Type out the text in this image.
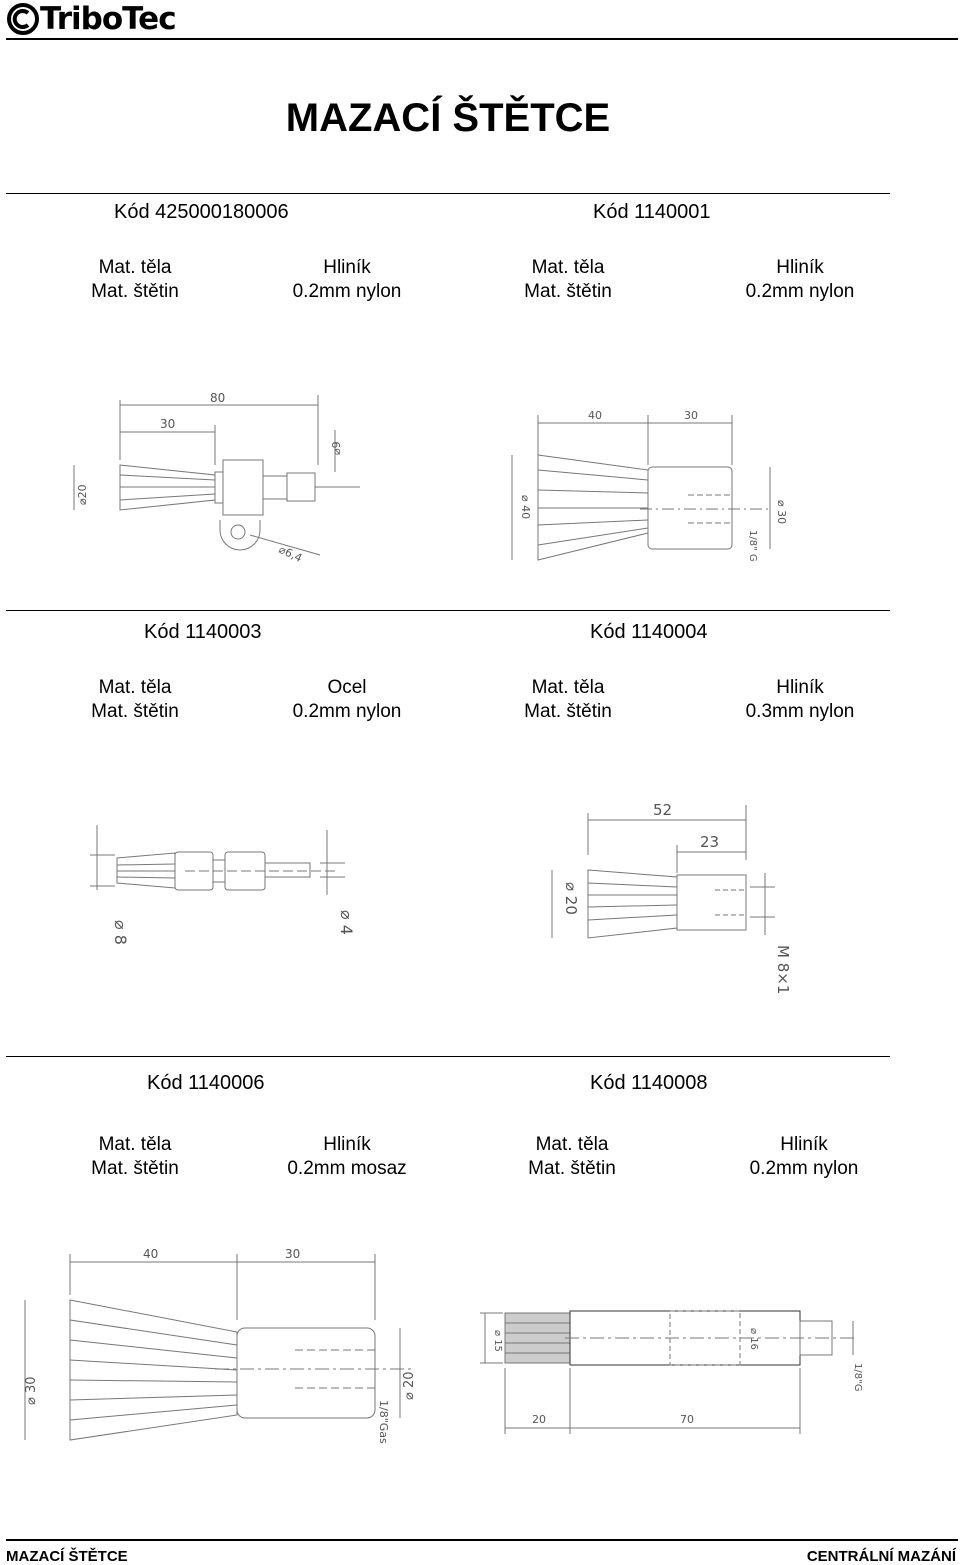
TriboTec
MAZACÍ ŠTĚTCE
Kód 425000180006
Mat. těla	Hliník
Mat. štětin	0.2mm nylon
Kód 1140001
Mat. těla	Hliník
Mat. štětin	0.2mm nylon
80
30
⌀9
⌀20
⌀6,4
40	30
⌀ 40	⌀ 30
1/8" G
Kód 1140003
Mat. těla	Ocel
Mat. štětin	0.2mm nylon
Kód 1140004
Mat. těla	Hliník
Mat. štětin	0.3mm nylon
⌀ 8	⌀ 4
52
23
⌀ 20
M 8×1
Kód 1140006
Mat. těla	Hliník
Mat. štětin	0.2mm mosaz
Kód 1140008
Mat. těla	Hliník
Mat. štětin	0.2mm nylon
40	30
⌀ 30	⌀ 20
1/8"Gas
⌀ 15	⌀ 16
1/8"G
20	70
MAZACÍ ŠTĚTCE	CENTRÁLNÍ MAZÁNÍ
